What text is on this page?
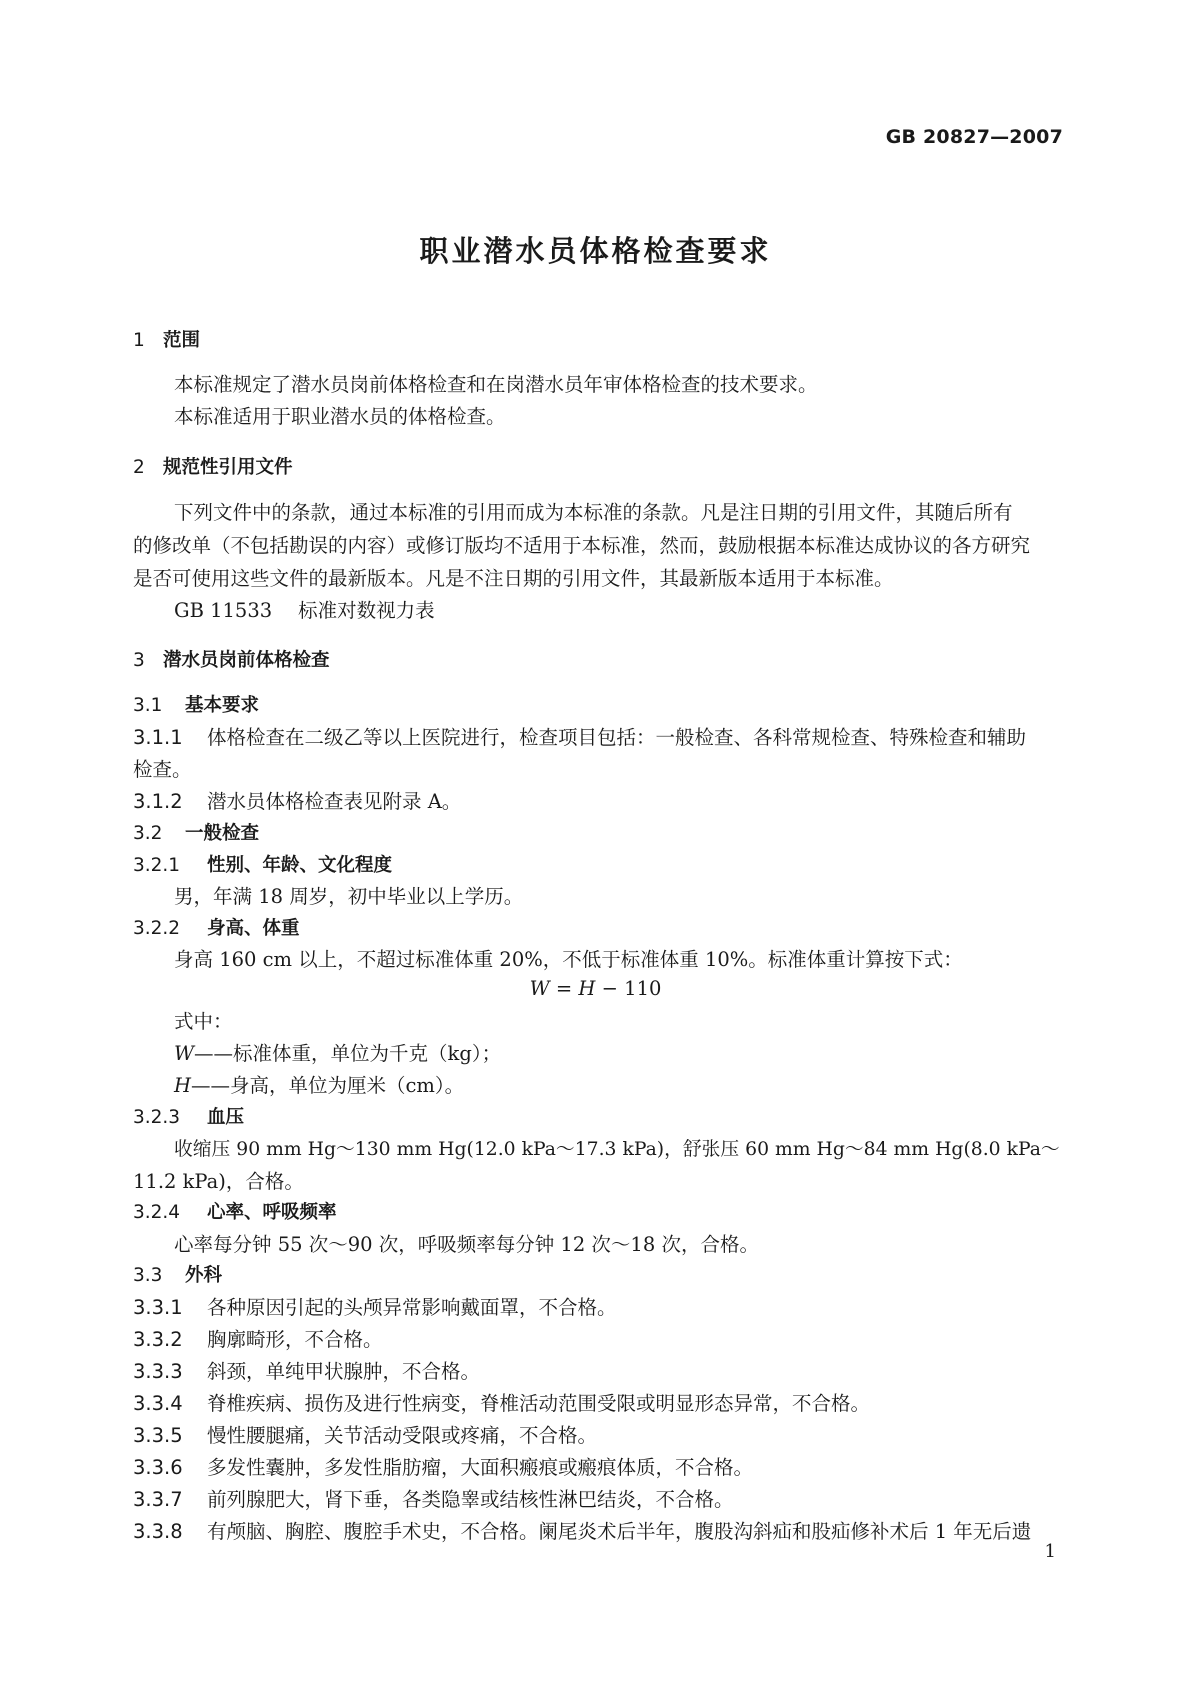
GB 20827—2007
职业潜水员体格检查要求
1 范围
本标准规定了潜水员岗前体格检查和在岗潜水员年审体格检查的技术要求。
本标准适用于职业潜水员的体格检查。
2 规范性引用文件
下列文件中的条款，通过本标准的引用而成为本标准的条款。凡是注日期的引用文件，其随后所有
的修改单（不包括勘误的内容）或修订版均不适用于本标准，然而，鼓励根据本标准达成协议的各方研究
是否可使用这些文件的最新版本。凡是不注日期的引用文件，其最新版本适用于本标准。
GB 11533 标准对数视力表
3 潜水员岗前体格检查
3.1 基本要求
3.1.1 体格检查在二级乙等以上医院进行，检查项目包括：一般检查、各科常规检查、特殊检查和辅助
检查。
3.1.2 潜水员体格检查表见附录 A。
3.2 一般检查
3.2.1 性别、年龄、文化程度
男，年满 18 周岁，初中毕业以上学历。
3.2.2 身高、体重
身高 160 cm 以上，不超过标准体重 20%，不低于标准体重 10%。标准体重计算按下式：
W = H − 110
式中：
W——标准体重，单位为千克（kg）；
H——身高，单位为厘米（cm）。
3.2.3 血压
收缩压 90 mm Hg～130 mm Hg(12.0 kPa～17.3 kPa)，舒张压 60 mm Hg～84 mm Hg(8.0 kPa～
11.2 kPa)，合格。
3.2.4 心率、呼吸频率
心率每分钟 55 次～90 次，呼吸频率每分钟 12 次～18 次，合格。
3.3 外科
3.3.1 各种原因引起的头颅异常影响戴面罩，不合格。
3.3.2 胸廓畸形，不合格。
3.3.3 斜颈，单纯甲状腺肿，不合格。
3.3.4 脊椎疾病、损伤及进行性病变，脊椎活动范围受限或明显形态异常，不合格。
3.3.5 慢性腰腿痛，关节活动受限或疼痛，不合格。
3.3.6 多发性囊肿，多发性脂肪瘤，大面积瘢痕或瘢痕体质，不合格。
3.3.7 前列腺肥大，肾下垂，各类隐睾或结核性淋巴结炎，不合格。
3.3.8 有颅脑、胸腔、腹腔手术史，不合格。阑尾炎术后半年，腹股沟斜疝和股疝修补术后 1 年无后遗
1
